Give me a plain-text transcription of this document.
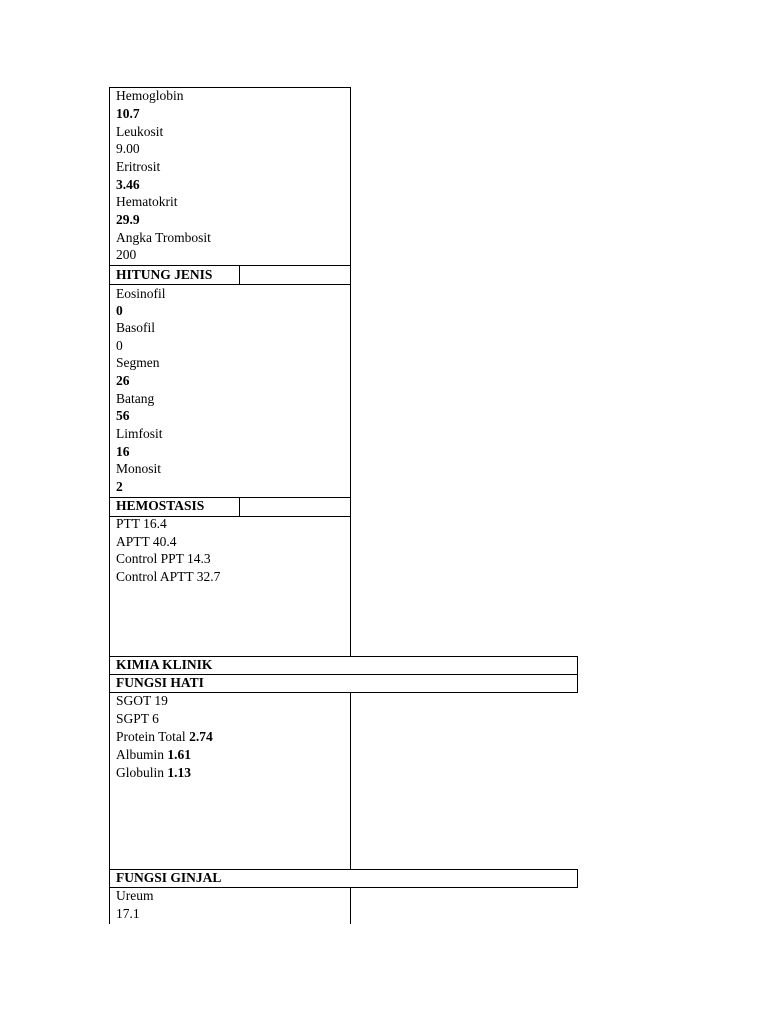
Hemoglobin
10.7
Leukosit
9.00
Eritrosit
3.46
Hematokrit
29.9
Angka Trombosit
200
HITUNG JENIS
Eosinofil
0
Basofil
0
Segmen
26
Batang
56
Limfosit
16
Monosit
2
HEMOSTASIS
PTT 16.4
APTT 40.4
Control PPT 14.3
Control APTT 32.7
KIMIA KLINIK
FUNGSI HATI
SGOT 19
SGPT 6
Protein Total 2.74
Albumin 1.61
Globulin 1.13
FUNGSI GINJAL
Ureum
17.1
